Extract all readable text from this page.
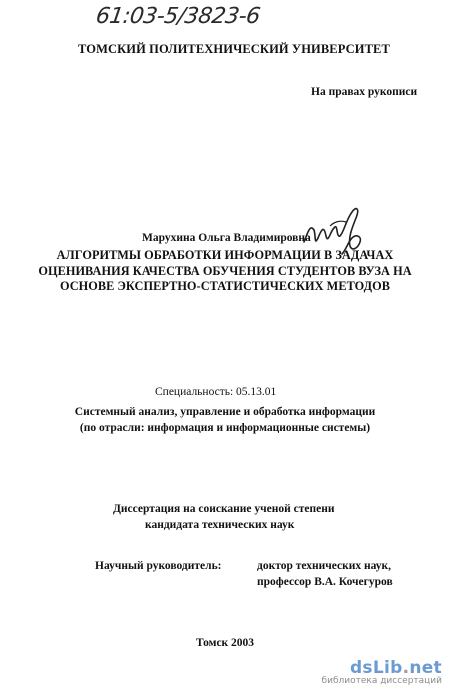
61:03-5/3823-6
ТОМСКИЙ ПОЛИТЕХНИЧЕСКИЙ УНИВЕРСИТЕТ
На правах рукописи
Марухина Ольга Владимировна
АЛГОРИТМЫ ОБРАБОТКИ ИНФОРМАЦИИ В ЗАДАЧАХ
ОЦЕНИВАНИЯ КАЧЕСТВА ОБУЧЕНИЯ СТУДЕНТОВ ВУЗА НА
ОСНОВЕ ЭКСПЕРТНО-СТАТИСТИЧЕСКИХ МЕТОДОВ
Специальность: 05.13.01
Системный анализ, управление и обработка информации
(по отрасли: информация и информационные системы)
Диссертация на соискание ученой степени
кандидата технических наук
Научный руководитель:	доктор технических наук,
профессор В.А. Кочегуров
Томск 2003
dsLib.net
библиотека диссертаций
